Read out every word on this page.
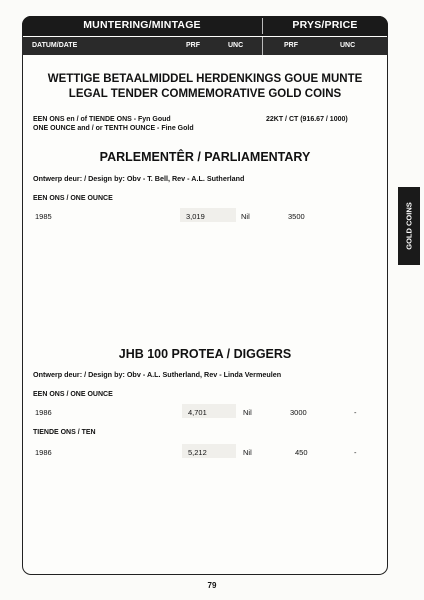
MUNTERING/MINTAGE	PRYS/PRICE
DATUM/DATE	PRF	UNC	PRF	UNC
WETTIGE BETAALMIDDEL HERDENKINGS GOUE MUNTE
LEGAL TENDER COMMEMORATIVE GOLD COINS
EEN ONS en / of TIENDE ONS - Fyn Goud
ONE OUNCE and / or TENTH OUNCE - Fine Gold
22KT / CT (916.67 / 1000)
PARLEMENTÊR / PARLIAMENTARY
Ontwerp deur: / Design by: Obv - T. Bell, Rev - A.L. Sutherland
EEN ONS / ONE OUNCE
1985	3,019	Nil	3500
JHB 100 PROTEA / DIGGERS
Ontwerp deur: / Design by: Obv - A.L. Sutherland, Rev - Linda Vermeulen
EEN ONS / ONE OUNCE
1986	4,701	Nil	3000	-
TIENDE ONS / TEN
1986	5,212	Nil	450	-
GOLD COINS
79
